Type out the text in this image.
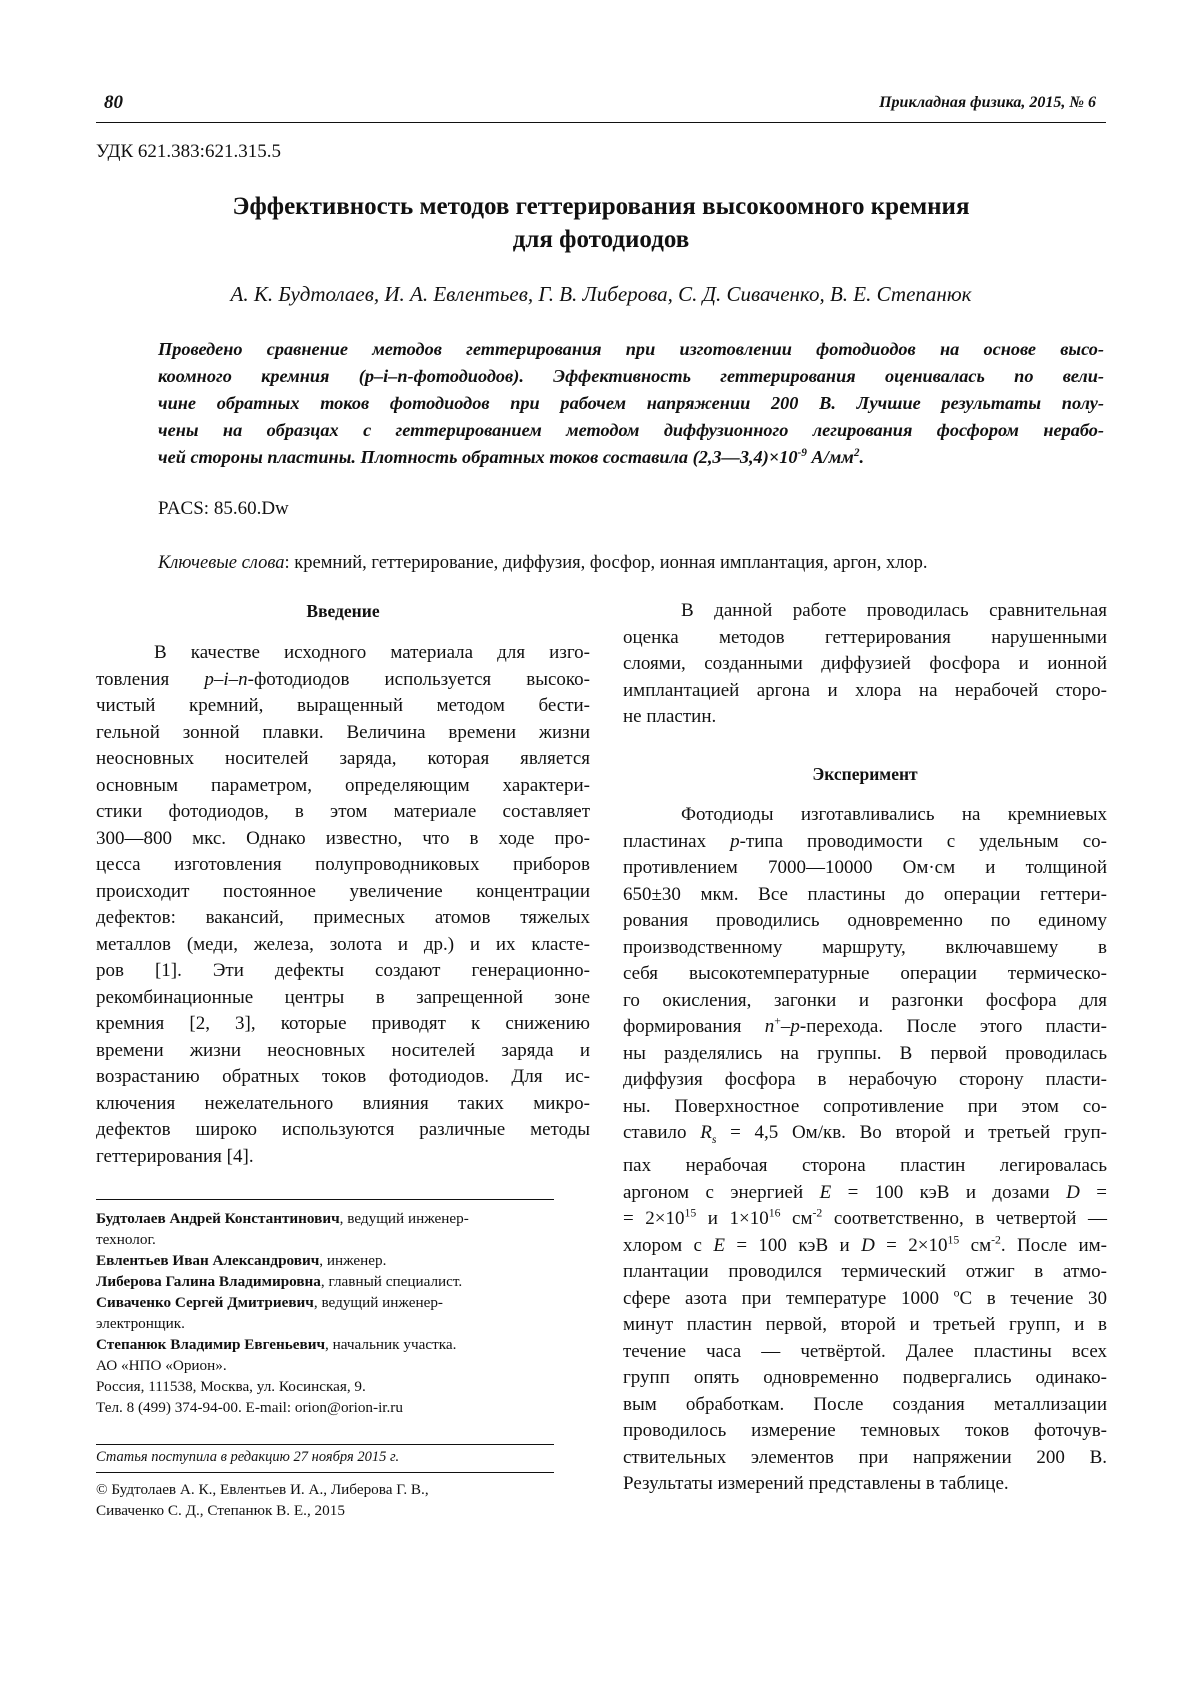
80	Прикладная физика, 2015, № 6
УДК 621.383:621.315.5
Эффективность методов геттерирования высокоомного кремния
для фотодиодов
А. К. Будтолаев, И. А. Евлентьев, Г. В. Либерова, С. Д. Сиваченко, В. Е. Степанюк
Проведено сравнение методов геттерирования при изготовлении фотодиодов на основе высо-
коомного кремния (p–i–n-фотодиодов). Эффективность геттерирования оценивалась по вели-
чине обратных токов фотодиодов при рабочем напряжении 200 В. Лучшие результаты полу-
чены на образцах с геттерированием методом диффузионного легирования фосфором нерабо-
чей стороны пластины. Плотность обратных токов составила $(2,3—3,4)\times 10^{-9}$ $А/мм^2$.
PACS: 85.60.Dw
Ключевые слова: кремний, геттерирование, диффузия, фосфор, ионная имплантация, аргон, хлор.
Введение
В качестве исходного материала для изго-
товления p–i–n-фотодиодов используется высоко-
чистый кремний, выращенный методом бести-
гельной зонной плавки. Величина времени жизни
неосновных носителей заряда, которая является
основным параметром, определяющим характери-
стики фотодиодов, в этом материале составляет
300—800 мкс. Однако известно, что в ходе про-
цесса изготовления полупроводниковых приборов
происходит постоянное увеличение концентрации
дефектов: вакансий, примесных атомов тяжелых
металлов (меди, железа, золота и др.) и их класте-
ров [1]. Эти дефекты создают генерационно-
рекомбинационные центры в запрещенной зоне
кремния [2, 3], которые приводят к снижению
времени жизни неосновных носителей заряда и
возрастанию обратных токов фотодиодов. Для ис-
ключения нежелательного влияния таких микро-
дефектов широко используются различные методы
геттерирования [4].
В данной работе проводилась сравнительная
оценка методов геттерирования нарушенными
слоями, созданными диффузией фосфора и ионной
имплантацией аргона и хлора на нерабочей сторо-
не пластин.
Эксперимент
Фотодиоды изготавливались на кремниевых
пластинах p-типа проводимости с удельным со-
противлением 7000—10000 Ом·см и толщиной
650±30 мкм. Все пластины до операции геттери-
рования проводились одновременно по единому
производственному маршруту, включавшему в
себя высокотемпературные операции термическо-
го окисления, загонки и разгонки фосфора для
формирования n+–p-перехода. После этого пласти-
ны разделялись на группы. В первой проводилась
диффузия фосфора в нерабочую сторону пласти-
ны. Поверхностное сопротивление при этом со-
ставило $R_s = 4,5$ Ом/кв. Во второй и третьей груп-
пах нерабочая сторона пластин легировалась
аргоном с энергией E = 100 кэВ и дозами D =
= $2\times 10^{15}$ и $1\times 10^{16}$ $см^{-2}$ соответственно, в четвертой —
хлором с E = 100 кэВ и $D = 2\times 10^{15}$ $см^{-2}$. После им-
плантации проводился термический отжиг в атмо-
сфере азота при температуре 1000 $^o$C в течение 30
минут пластин первой, второй и третьей групп, и в
течение часа — четвёртой. Далее пластины всех
групп опять одновременно подвергались одинако-
вым обработкам. После создания металлизации
проводилось измерение темновых токов фоточув-
ствительных элементов при напряжении 200 В.
Результаты измерений представлены в таблице.
Будтолаев Андрей Константинович, ведущий инженер-
технолог.
Евлентьев Иван Александрович, инженер.
Либерова Галина Владимировна, главный специалист.
Сиваченко Сергей Дмитриевич, ведущий инженер-
электронщик.
Степанюк Владимир Евгеньевич, начальник участка.
АО «НПО «Орион».
Россия, 111538, Москва, ул. Косинская, 9.
Тел. 8 (499) 374-94-00. E-mail: orion@orion-ir.ru
Статья поступила в редакцию 27 ноября 2015 г.
© Будтолаев А. К., Евлентьев И. А., Либерова Г. В.,
Сиваченко С. Д., Степанюк В. Е., 2015
